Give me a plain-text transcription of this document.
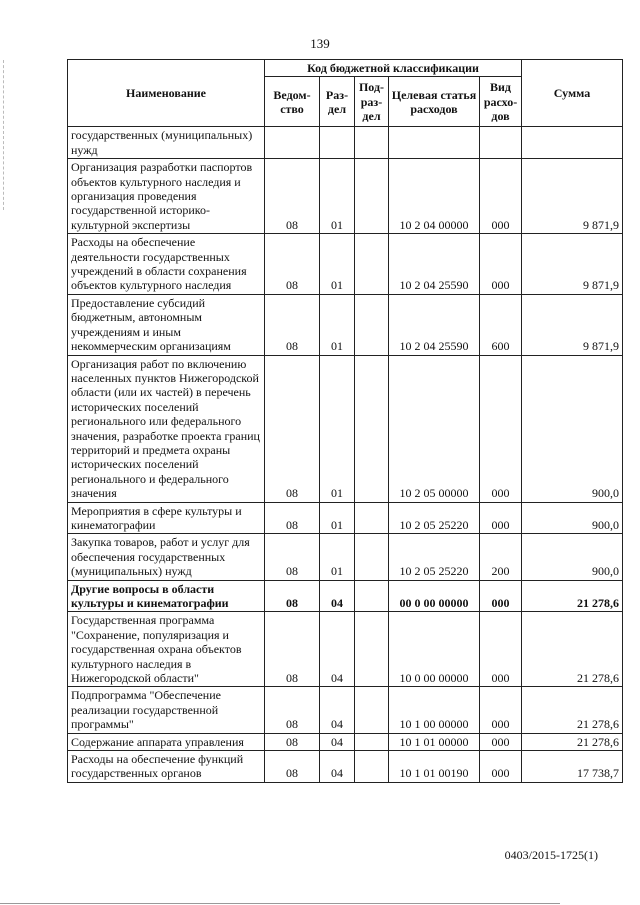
139
Наименование	Код бюджетной классификации					Сумма
	Ведом-ство	Раз-дел	Под-раз-дел	Целевая статья расходов	Вид расхо-дов	
государственных (муниципальных) нужд						
Организация разработки паспортов объектов культурного наследия и организация проведения государственной историко-культурной экспертизы	08	01		10 2 04 00000	000	9 871,9
Расходы на обеспечение деятельности государственных учреждений в области сохранения объектов культурного наследия	08	01		10 2 04 25590	000	9 871,9
Предоставление субсидий бюджетным, автономным учреждениям и иным некоммерческим организациям	08	01		10 2 04 25590	600	9 871,9
Организация работ по включению населенных пунктов Нижегородской области (или их частей) в перечень исторических поселений регионального или федерального значения, разработке проекта границ территорий и предмета охраны исторических поселений регионального и федерального значения	08	01		10 2 05 00000	000	900,0
Мероприятия в сфере культуры и кинематографии	08	01		10 2 05 25220	000	900,0
Закупка товаров, работ и услуг для обеспечения государственных (муниципальных) нужд	08	01		10 2 05 25220	200	900,0
Другие вопросы в области культуры и кинематографии	08	04		00 0 00 00000	000	21 278,6
Государственная программа "Сохранение, популяризация и государственная охрана объектов культурного наследия в Нижегородской области"	08	04		10 0 00 00000	000	21 278,6
Подпрограмма "Обеспечение реализации государственной программы"	08	04		10 1 00 00000	000	21 278,6
Содержание аппарата управления	08	04		10 1 01 00000	000	21 278,6
Расходы на обеспечение функций государственных органов	08	04		10 1 01 00190	000	17 738,7
0403/2015-1725(1)
